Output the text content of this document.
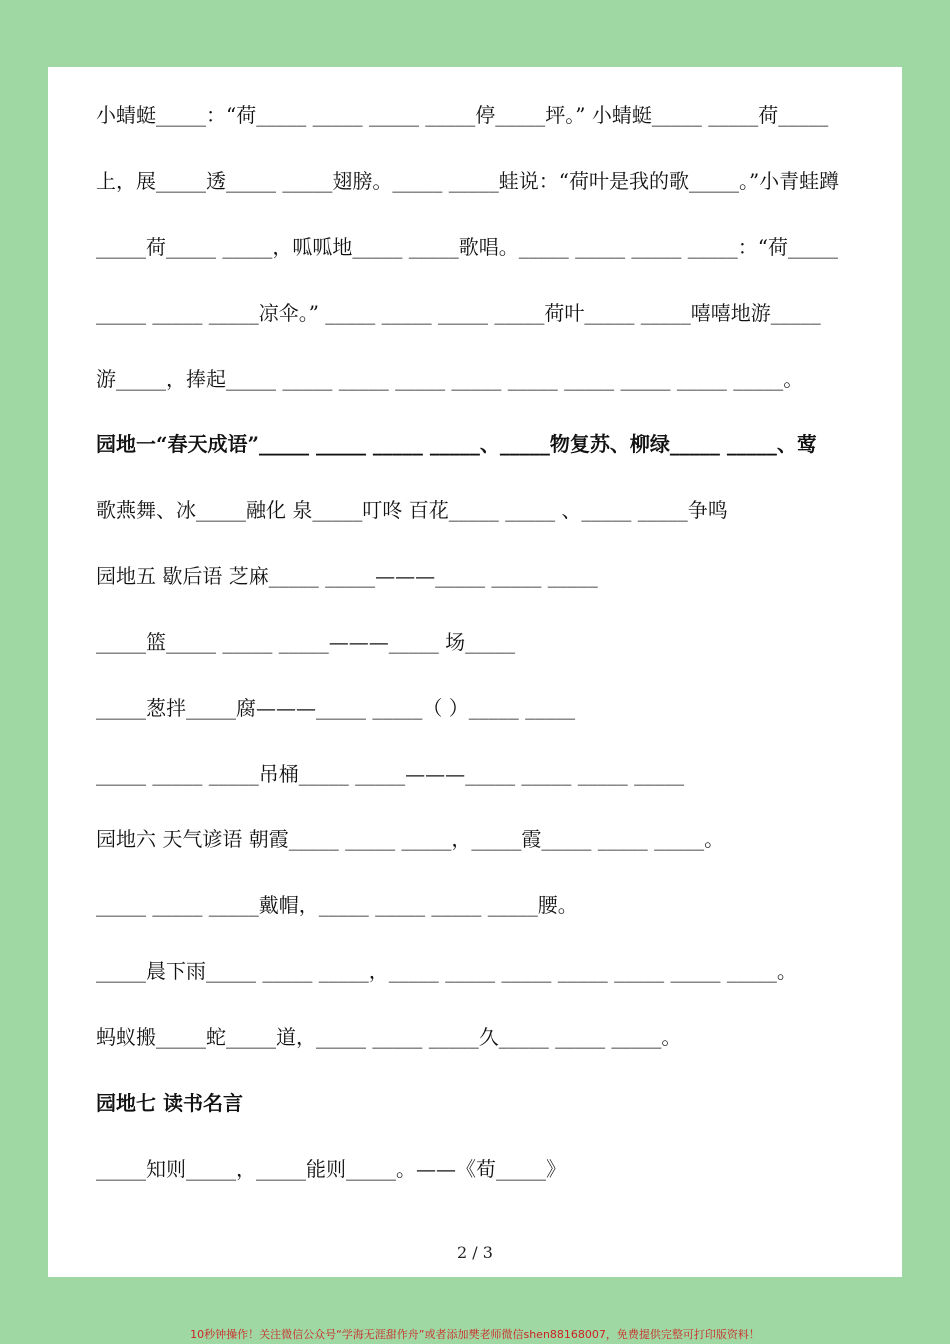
小蜻蜓_____：“荷_____ _____ _____ _____停_____坪。” 小蜻蜓_____ _____荷_____
上，展_____透_____ _____翅膀。_____ _____蛙说：“荷叶是我的歌_____。”小青蛙蹲
_____荷_____ _____，呱呱地_____ _____歌唱。_____ _____ _____ _____：“荷_____
_____ _____ _____凉伞。” _____ _____ _____ _____荷叶_____ _____嘻嘻地游_____
游_____，捧起_____ _____ _____ _____ _____ _____ _____ _____ _____ _____。
园地一“春天成语”_____ _____ _____ _____、_____物复苏、柳绿_____ _____、莺
歌燕舞、冰_____融化 泉_____叮咚 百花_____ _____ 、_____ _____争鸣
园地五 歇后语 芝麻_____ _____———_____ _____ _____
_____篮_____ _____ _____———_____ 场_____
_____葱拌_____腐———_____ _____（ ）_____ _____
_____ _____ _____吊桶_____ _____———_____ _____ _____ _____
园地六 天气谚语 朝霞_____ _____ _____，_____霞_____ _____ _____。
_____ _____ _____戴帽，_____ _____ _____ _____腰。
_____晨下雨_____ _____ _____，_____ _____ _____ _____ _____ _____ _____。
蚂蚁搬_____蛇_____道，_____ _____ _____久_____ _____ _____。
园地七 读书名言
_____知则_____，_____能则_____。——《荀_____》
2 / 3
10秒钟操作！关注微信公众号“学海无涯甜作舟”或者添加樊老师微信shen88168007，免费提供完整可打印版资料！
